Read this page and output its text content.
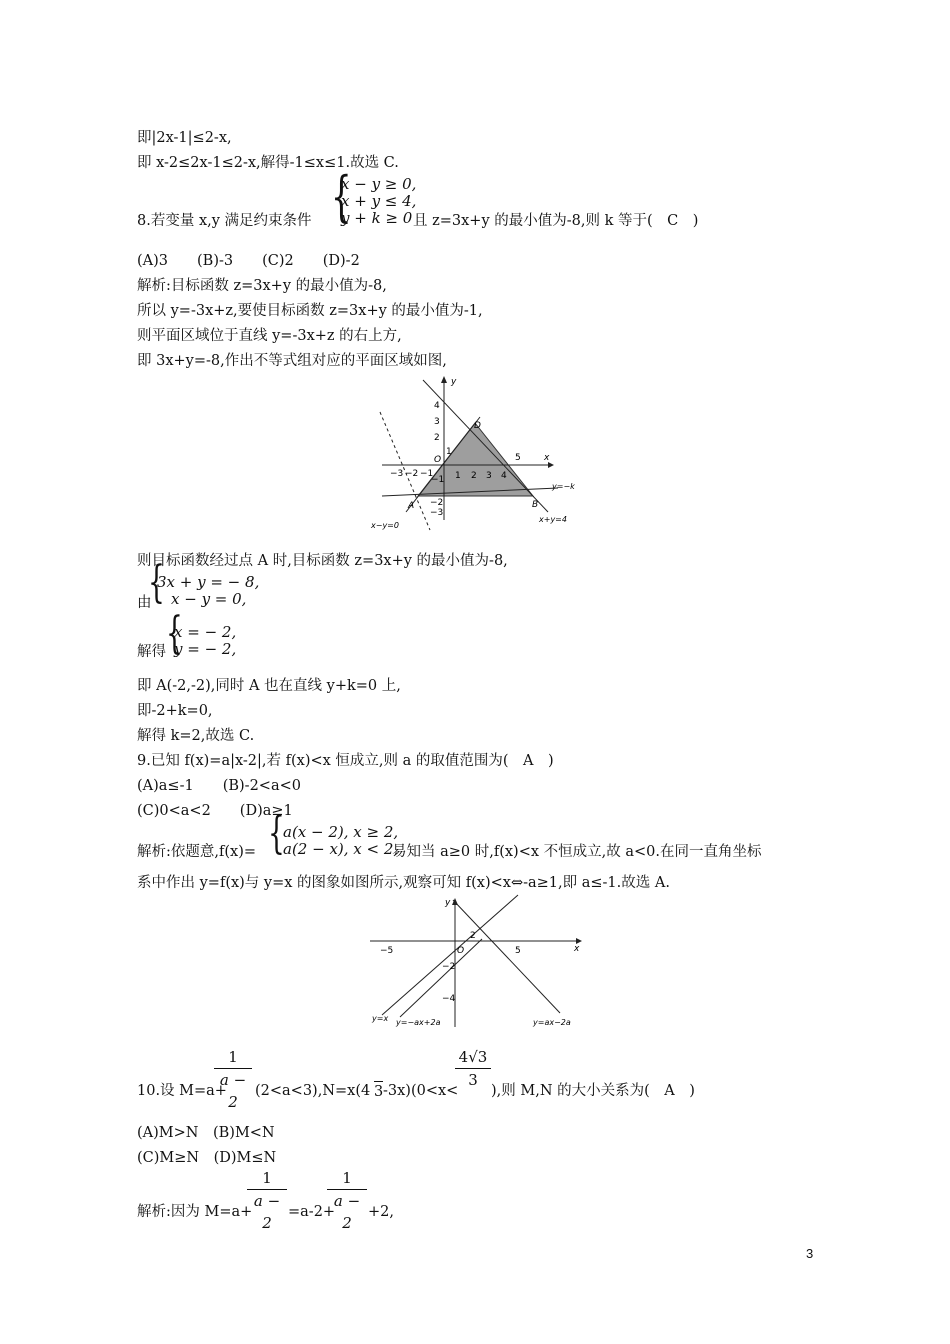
即|2x-1|≤2-x,
即 x-2≤2x-1≤2-x,解得-1≤x≤1.故选 C.
8.若变量 x,y 满足约束条件 {
x − y ≥ 0,
x + y ≤ 4,
y + k ≥ 0 且 z=3x+y 的最小值为-8,则 k 等于(　C　)
(A)3　　(B)-3　　(C)2　　(D)-2
解析:目标函数 z=3x+y 的最小值为-8,
所以 y=-3x+z,要使目标函数 z=3x+y 的最小值为-1,
则平面区域位于直线 y=-3x+z 的右上方,
即 3x+y=-8,作出不等式组对应的平面区域如图,
x
y
−3 −2 −1 1 2 3 4
5
4
3
2
1
−1
−2
−3
O
D
A	B
y=−k
x+y=4
x−y=0
则目标函数经过点 A 时,目标函数 z=3x+y 的最小值为-8,
由
{
3x + y = − 8,
x − y = 0,
解得 {
x = − 2,
y = − 2,
即 A(-2,-2),同时 A 也在直线 y+k=0 上,
即-2+k=0,
解得 k=2,故选 C.
9.已知 f(x)=a|x-2|,若 f(x)<x 恒成立,则 a 的取值范围为(　A　)
(A)a≤-1　　(B)-2<a<0
(C)0<a<2　　(D)a≥1
解析:依题意,f(x)= {
a(x − 2), x ≥ 2,
a(2 − x), x < 2,
易知当 a≥0 时,f(x)<x 不恒成立,故 a<0.在同一直角坐标
系中作出 y=f(x)与 y=x 的图象如图所示,观察可知 f(x)<x⇔-a≥1,即 a≤-1.故选 A.
x
y
−5
2
5
−2
−4
O
y=x y=−ax+2a	y=ax−2a
10.设 M=a+
1
a − 2
(2<a<3),N=x(4 3 -3x)(0<x<
4√3
3
),则 M,N 的大小关系为(　A　)
(A)M>N　(B)M<N
(C)M≥N　(D)M≤N
解析:因为 M=a+
1
a − 2
=a-2+
1
a − 2
+2,
3
